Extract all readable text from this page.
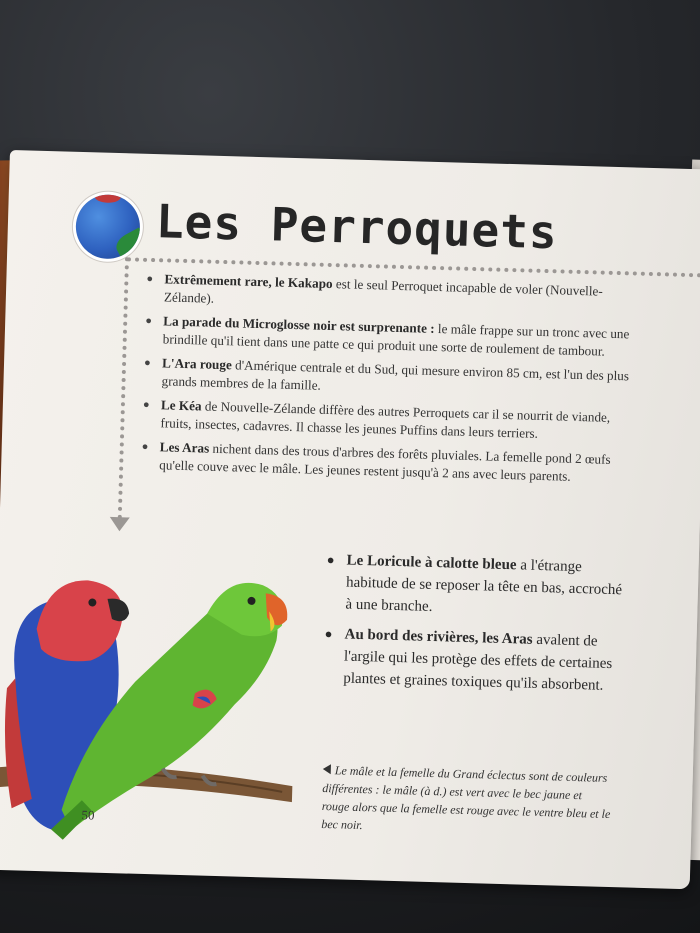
Les Perroquets
● Extrêmement rare, le Kakapo est le seul Perroquet incapable de voler (Nouvelle-Zélande).
● La parade du Microglosse noir est surprenante : le mâle frappe sur un tronc avec une brindille qu'il tient dans une patte ce qui produit une sorte de roulement de tambour.
● L'Ara rouge d'Amérique centrale et du Sud, qui mesure environ 85 cm, est l'un des plus grands membres de la famille.
● Le Kéa de Nouvelle-Zélande diffère des autres Perroquets car il se nourrit de viande, fruits, insectes, cadavres. Il chasse les jeunes Puffins dans leurs terriers.
● Les Aras nichent dans des trous d'arbres des forêts pluviales. La femelle pond 2 œufs qu'elle couve avec le mâle. Les jeunes restent jusqu'à 2 ans avec leurs parents.
● Le Loricule à calotte bleue a l'étrange habitude de se reposer la tête en bas, accroché à une branche.
● Au bord des rivières, les Aras avalent de l'argile qui les protège des effets de certaines plantes et graines toxiques qu'ils absorbent.
50
Le mâle et la femelle du Grand éclectus sont de couleurs différentes : le mâle (à d.) est vert avec le bec jaune et rouge alors que la femelle est rouge avec le ventre bleu et le bec noir.
